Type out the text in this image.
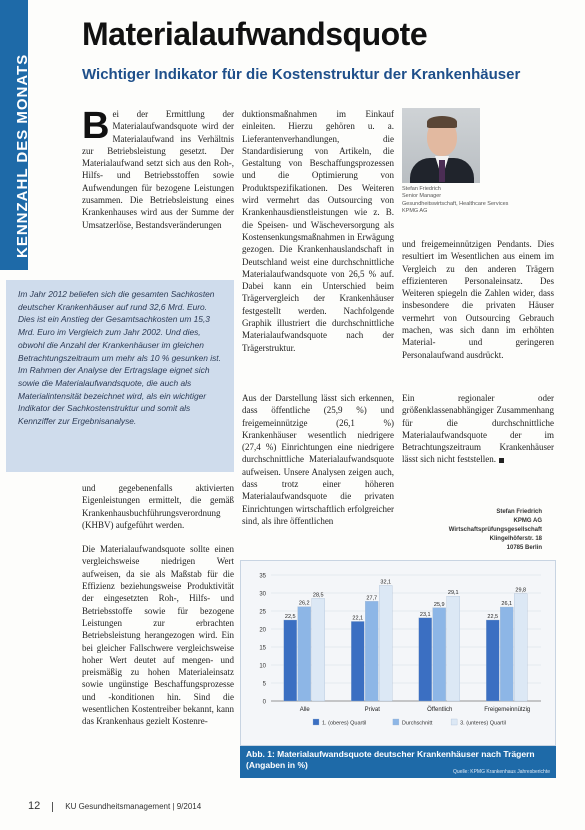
KENNZAHL DES MONATS
Materialaufwandsquote
Wichtiger Indikator für die Kostenstruktur der Krankenhäuser
Bei der Ermittlung der Materialaufwandsquote wird der Materialaufwand ins Verhältnis zur Betriebsleistung gesetzt. Der Materialaufwand setzt sich aus den Roh-, Hilfs- und Betriebsstoffen sowie Aufwendungen für bezogene Leistungen zusammen. Die Betriebsleistung eines Krankenhauses wird aus der Summe der Umsatzerlöse, Bestandsveränderungen

Im Jahr 2012 beliefen sich die gesamten Sachkosten deutscher Krankenhäuser auf rund 32,6 Mrd. Euro. Dies ist ein Anstieg der Gesamtsachkosten um 15,3 Mrd. Euro im Vergleich zum Jahr 2002. Und dies, obwohl die Anzahl der Krankenhäuser im gleichen Betrachtungszeitraum um mehr als 10 % gesunken ist. Im Rahmen der Analyse der Ertragslage eignet sich sowie die Materialaufwandsquote, die auch als Materialintensität bezeichnet wird, als ein wichtiger Indikator der Sachkostenstruktur und somit als Kennziffer zur Ergebnisanalyse.

und gegebenenfalls aktivierten Eigenleistungen ermittelt, die gemäß Krankenhausbuchführungsverordnung (KHBV) aufgeführt werden.

Die Materialaufwandsquote sollte einen vergleichsweise niedrigen Wert aufweisen, da sie als Maßstab für die Effizienz beziehungsweise Produktivität der eingesetzten Roh-, Hilfs- und Betriebsstoffe sowie für bezogene Leistungen zur erbrachten Betriebsleistung herangezogen wird. Ein bei gleicher Fallschwere vergleichsweise hoher Wert deutet auf mengen- und preismäßig zu hohen Materialeinsatz sowie ungünstige Beschaffungsprozesse und -konditionen hin. Sind die wesentlichen Kostentreiber bekannt, kann das Krankenhaus gezielt Kostenre-

duktionsmaßnahmen im Einkauf einleiten. Hierzu gehören u. a. Lieferantenverhandlungen, die Standardisierung von Artikeln, die Gestaltung von Beschaffungsprozessen und die Optimierung von Produktspezifikationen. Des Weiteren wird vermehrt das Outsourcing von Krankenhausdienstleistungen wie z. B. die Speisen- und Wäscheversorgung als Kostensenkungsmaßnahmen in Erwägung gezogen. Die Krankenhauslandschaft in Deutschland weist eine durchschnittliche Materialaufwandsquote von 26,5 % auf. Dabei kann ein Unterschied beim Trägervergleich der Krankenhäuser festgestellt werden. Nachfolgende Graphik illustriert die durchschnittliche Materialaufwandsquote nach der Trägerstruktur.

Aus der Darstellung lässt sich erkennen, dass öffentliche (25,9 %) und freigemeinnützige (26,1 %) Krankenhäuser wesentlich niedrigere (27,4 %) Einrichtungen eine niedrigere durchschnittliche Materialaufwandsquote aufweisen. Unsere Analysen zeigen auch, dass trotz einer höheren Materialaufwandsquote die privaten Einrichtungen wirtschaftlich erfolgreicher sind, als ihre öffentlichen

Stefan Friedrich
Senior Manager
Gesundheitswirtschaft, Healthcare Services
KPMG AG

und freigemeinnützigen Pendants. Dies resultiert im Wesentlichen aus einem im Vergleich zu den anderen Trägern effizienteren Personaleinsatz. Des Weiteren spiegeln die Zahlen wider, dass insbesondere die privaten Häuser vermehrt von Outsourcing Gebrauch machen, was sich dann im erhöhten Material- und geringeren Personalaufwand ausdrückt.

Ein regionaler oder größenklassenabhängiger Zusammenhang für die durchschnittliche Materialaufwandsquote der im Betrachtungszeitraum Krankenhäuser lässt sich nicht feststellen.

Stefan Friedrich
KPMG AG
Wirtschaftsprüfungsgesellschaft
Klingelhöferstr. 18
10785 Berlin
0
5
10
15
20
25
30
35
22,5
26,2
28,5
Alle
22,1
27,7
32,1
Privat
23,1
25,9
29,1
Öffentlich
22,5
26,1
29,8
Freigemeinnützig
1. (oberes) Quartil	Durchschnitt	3. (unteres) Quartil
Abb. 1: Materialaufwandsquote deutscher Krankenhäuser nach Trägern (Angaben in %)
Quelle: KPMG Krankenhaus Jahresberichte
12	KU Gesundheitsmanagement | 9/2014
